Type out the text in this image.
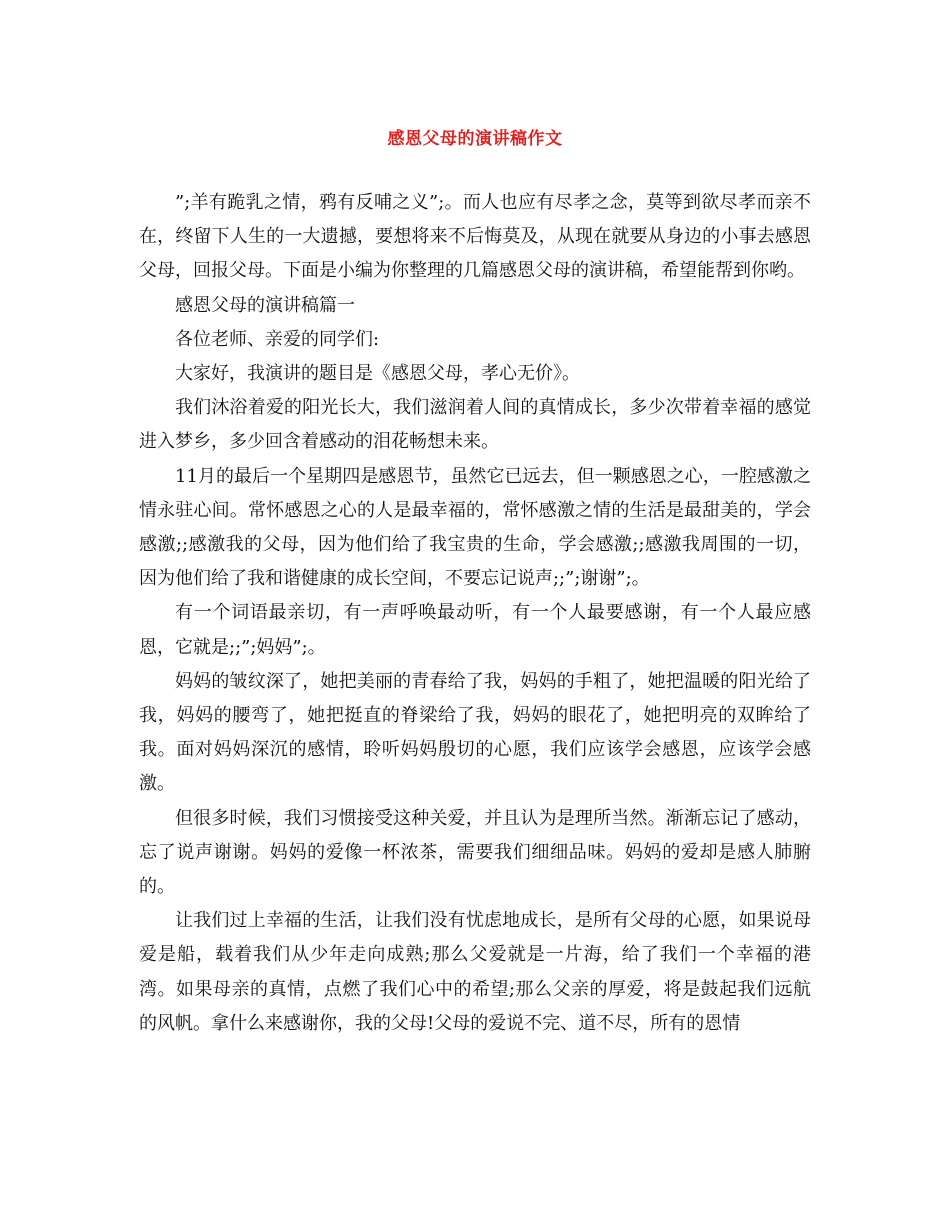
感恩父母的演讲稿作文

”;羊有跪乳之情，鸦有反哺之义”;。而人也应有尽孝之念，莫等到欲尽孝而亲不在，终留下人生的一大遗撼，要想将来不后悔莫及，从现在就要从身边的小事去感恩父母，回报父母。下面是小编为你整理的几篇感恩父母的演讲稿，希望能帮到你哟。

感恩父母的演讲稿篇一

各位老师、亲爱的同学们:

大家好，我演讲的题目是《感恩父母，孝心无价》。

我们沐浴着爱的阳光长大，我们滋润着人间的真情成长，多少次带着幸福的感觉进入梦乡，多少回含着感动的泪花畅想未来。

11月的最后一个星期四是感恩节，虽然它已远去，但一颗感恩之心，一腔感激之情永驻心间。常怀感恩之心的人是最幸福的，常怀感激之情的生活是最甜美的，学会感激;;感激我的父母，因为他们给了我宝贵的生命，学会感激;;感激我周围的一切，因为他们给了我和谐健康的成长空间，不要忘记说声;;”;谢谢”;。

有一个词语最亲切，有一声呼唤最动听，有一个人最要感谢，有一个人最应感恩，它就是;;”;妈妈”;。

妈妈的皱纹深了，她把美丽的青春给了我，妈妈的手粗了，她把温暖的阳光给了我，妈妈的腰弯了，她把挺直的脊梁给了我，妈妈的眼花了，她把明亮的双眸给了我。面对妈妈深沉的感情，聆听妈妈殷切的心愿，我们应该学会感恩，应该学会感激。

但很多时候，我们习惯接受这种关爱，并且认为是理所当然。渐渐忘记了感动，忘了说声谢谢。妈妈的爱像一杯浓茶，需要我们细细品味。妈妈的爱却是感人肺腑的。

让我们过上幸福的生活，让我们没有忧虑地成长，是所有父母的心愿，如果说母爱是船，载着我们从少年走向成熟;那么父爱就是一片海，给了我们一个幸福的港湾。如果母亲的真情，点燃了我们心中的希望;那么父亲的厚爱，将是鼓起我们远航的风帆。拿什么来感谢你，我的父母!父母的爱说不完、道不尽，所有的恩情
